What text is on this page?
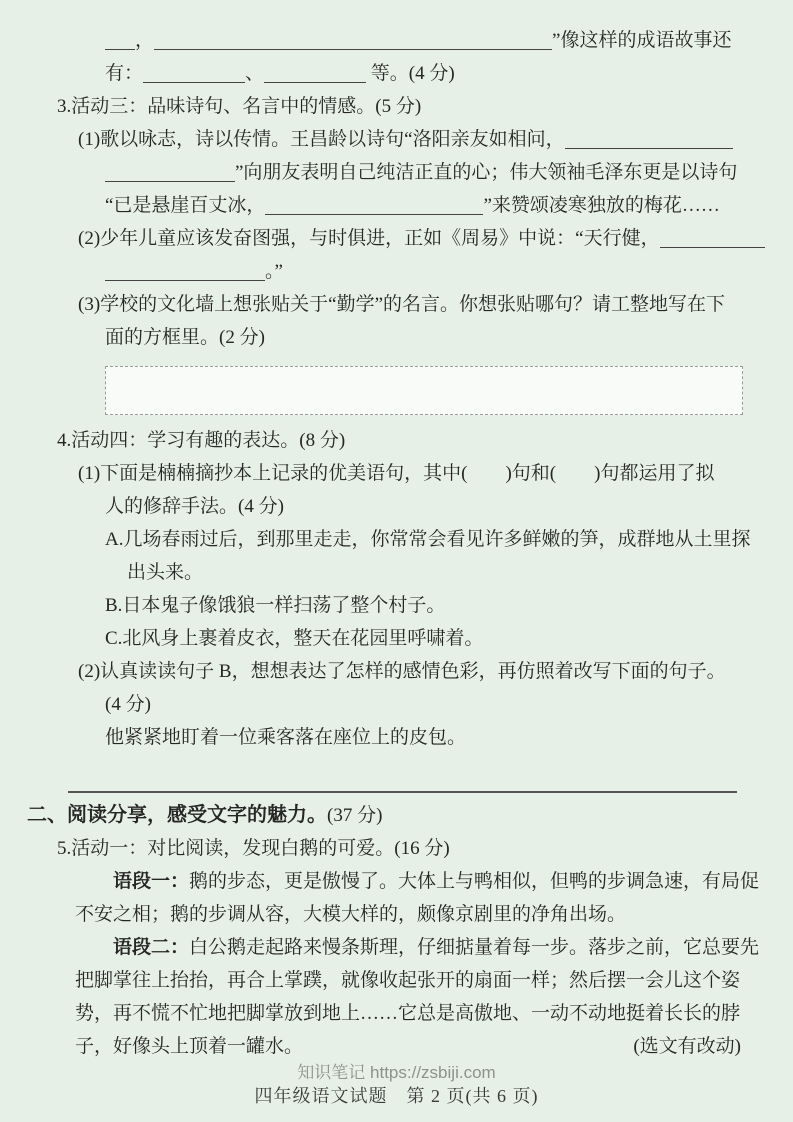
，	”像这样的成语故事还
有：	、	等。(4 分)
3.活动三：品味诗句、名言中的情感。(5 分)
(1)歌以咏志，诗以传情。王昌龄以诗句“洛阳亲友如相问，
”向朋友表明自己纯洁正直的心；伟大领袖毛泽东更是以诗句
“已是悬崖百丈冰，	”来赞颂凌寒独放的梅花……
(2)少年儿童应该发奋图强，与时俱进，正如《周易》中说：“天行健，
。”
(3)学校的文化墙上想张贴关于“勤学”的名言。你想张贴哪句？请工整地写在下
面的方框里。(2 分)
4.活动四：学习有趣的表达。(8 分)
(1)下面是楠楠摘抄本上记录的优美语句，其中(　　)句和(　　)句都运用了拟
人的修辞手法。(4 分)
A.几场春雨过后，到那里走走，你常常会看见许多鲜嫩的笋，成群地从土里探
出头来。
B.日本鬼子像饿狼一样扫荡了整个村子。
C.北风身上裹着皮衣，整天在花园里呼啸着。
(2)认真读读句子 B，想想表达了怎样的感情色彩，再仿照着改写下面的句子。
(4 分)
他紧紧地盯着一位乘客落在座位上的皮包。
二、阅读分享，感受文字的魅力。(37 分)
5.活动一：对比阅读，发现白鹅的可爱。(16 分)
语段一：鹅的步态，更是傲慢了。大体上与鸭相似，但鸭的步调急速，有局促
不安之相；鹅的步调从容，大模大样的，颇像京剧里的净角出场。
语段二：白公鹅走起路来慢条斯理，仔细掂量着每一步。落步之前，它总要先
把脚掌往上抬抬，再合上掌蹼，就像收起张开的扇面一样；然后摆一会儿这个姿
势，再不慌不忙地把脚掌放到地上……它总是高傲地、一动不动地挺着长长的脖
子，好像头上顶着一罐水。	(选文有改动)
知识笔记 https://zsbiji.com
四年级语文试题　第 2 页(共 6 页)
